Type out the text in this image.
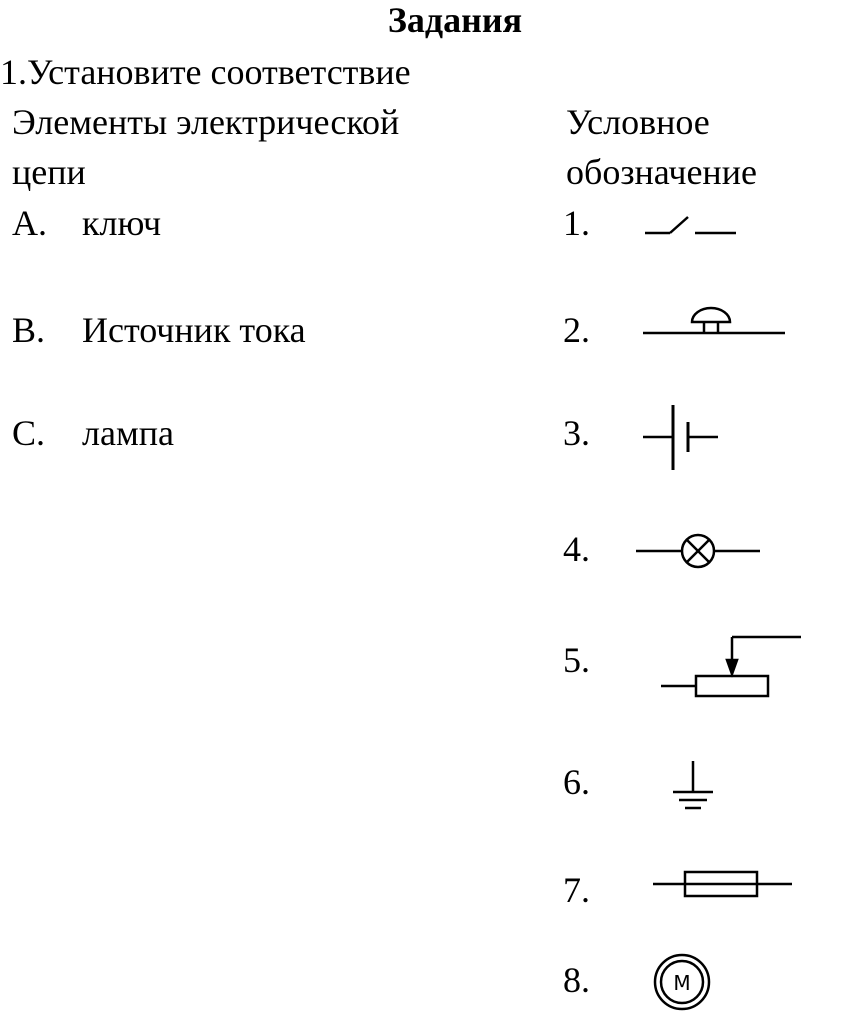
Задания
1.Установите соответствие
Элементы электрической
цепи
Условное
обозначение
A. ключ
B. Источник тока
C. лампа
1.
2.
3.
4.
5.
6.
7.
8.	M
